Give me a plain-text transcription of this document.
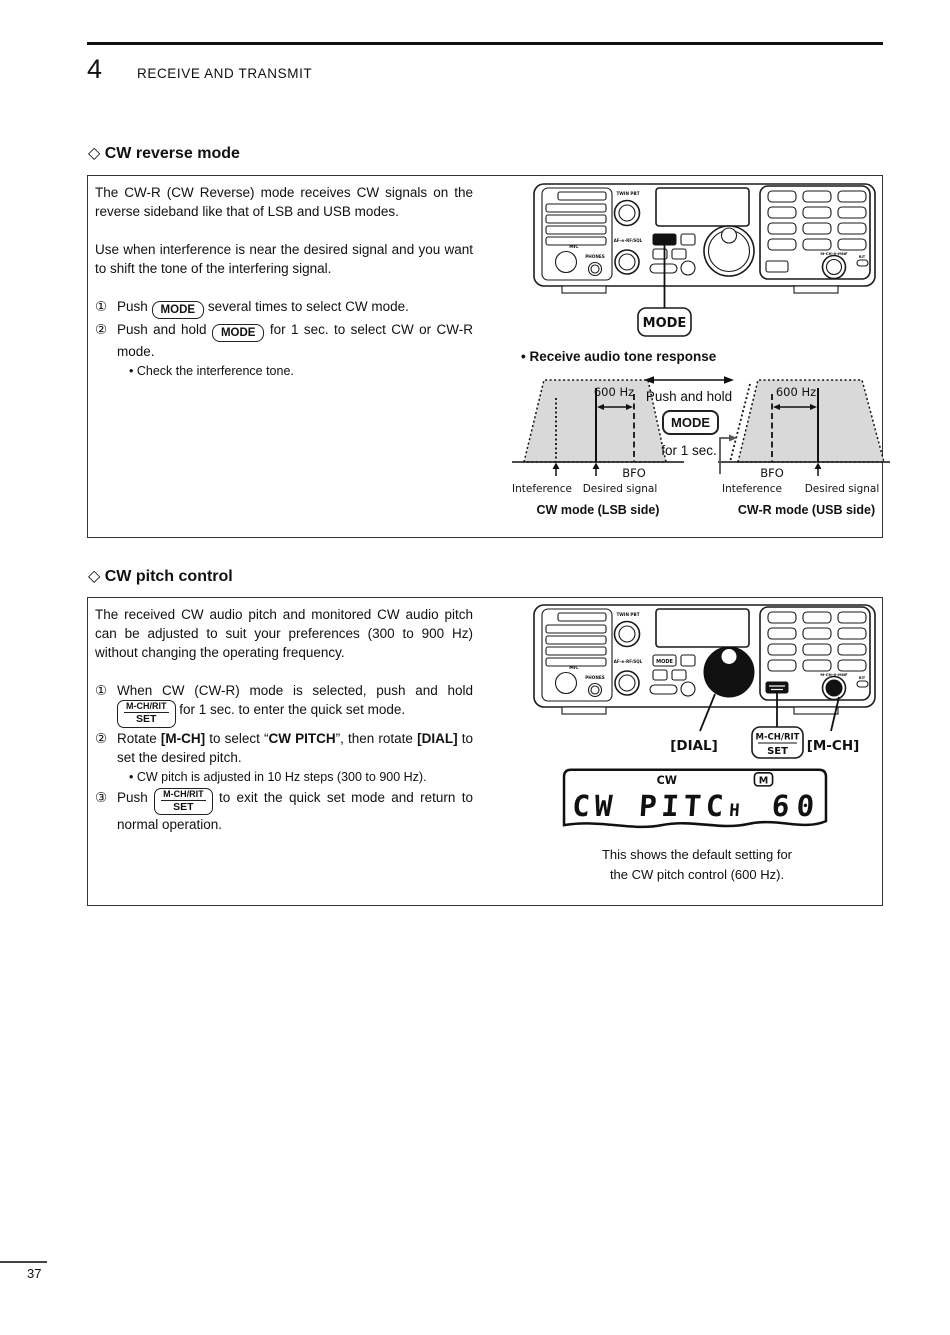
4	RECEIVE AND TRANSMIT
◇ CW reverse mode

The CW-R (CW Reverse) mode receives CW signals on the reverse sideband like that of LSB and USB modes.

Use when interference is near the desired signal and you want to shift the tone of the interfering signal.

① Push MODE several times to select CW mode.
② Push and hold MODE for 1 sec. to select CW or CW-R mode.
• Check the interference tone.
MIC
PHONES
TWIN PBT
AF-⊕-RF/SQL	MODE
M-CH-⊕-MNF
RIT
MODE
• Receive audio tone response
600 Hz
BFO
Inteference Desired signal
Push and hold
MODE
for 1 sec.
600 Hz
BFO
Inteference Desired signal
CW mode (LSB side)	CW-R mode (USB side)
◇ CW pitch control

The received CW audio pitch and monitored CW audio pitch can be adjusted to suit your preferences (300 to 900 Hz) without changing the operating frequency.

① When CW (CW-R) mode is selected, push and hold
M-CH/RIT
SET
for 1 sec. to enter the quick set mode.
② Rotate [M-CH] to select “CW PITCH”, then rotate [DIAL] to set the desired pitch.
• CW pitch is adjusted in 10 Hz steps (300 to 900 Hz).
③ Push M-CH/RIT
SET
to exit the quick set mode and return to normal operation.
MIC
PHONES
TWIN PBT
AF-⊕-RF/SQL	MODE
M-CH-⊕-MNF
RIT
[DIAL]
M-CH/RIT
SET [M-CH]
CW	M
CW PITC H 60
This shows the default setting for
the CW pitch control (600 Hz).
37
